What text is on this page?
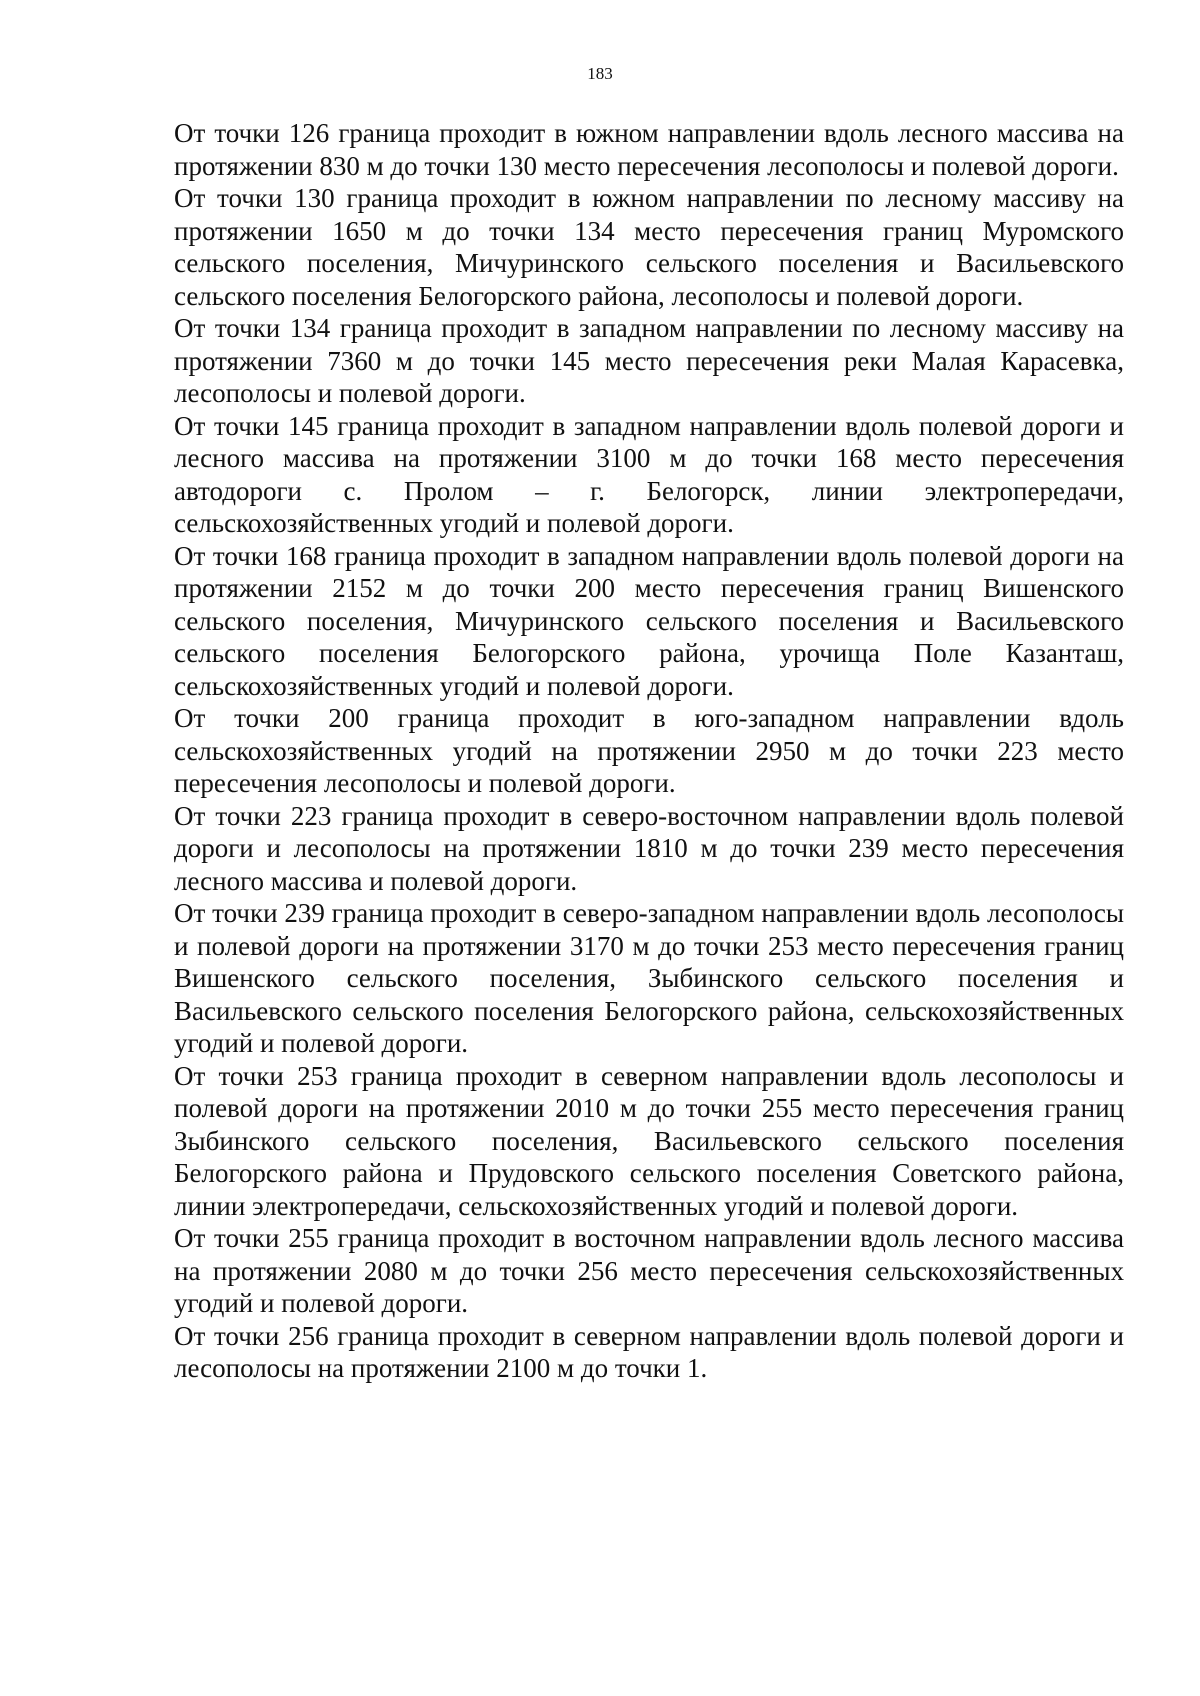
183

От точки 126 граница проходит в южном направлении вдоль лесного массива на протяжении 830 м до точки 130 место пересечения лесополосы и полевой дороги.

От точки 130 граница проходит в южном направлении по лесному массиву на протяжении 1650 м до точки 134 место пересечения границ Муромского сельского поселения, Мичуринского сельского поселения и Васильевского сельского поселения Белогорского района, лесополосы и полевой дороги.

От точки 134 граница проходит в западном направлении по лесному массиву на протяжении 7360 м до точки 145 место пересечения реки Малая Карасевка, лесополосы и полевой дороги.

От точки 145 граница проходит в западном направлении вдоль полевой дороги и лесного массива на протяжении 3100 м до точки 168 место пересечения автодороги с. Пролом – г. Белогорск, линии электропередачи, сельскохозяйственных угодий и полевой дороги.

От точки 168 граница проходит в западном направлении вдоль полевой дороги на протяжении 2152 м до точки 200 место пересечения границ Вишенского сельского поселения, Мичуринского сельского поселения и Васильевского сельского поселения Белогорского района, урочища Поле Казанташ, сельскохозяйственных угодий и полевой дороги.

От точки 200 граница проходит в юго-западном направлении вдоль сельскохозяйственных угодий на протяжении 2950 м до точки 223 место пересечения лесополосы и полевой дороги.

От точки 223 граница проходит в северо-восточном направлении вдоль полевой дороги и лесополосы на протяжении 1810 м до точки 239 место пересечения лесного массива и полевой дороги.

От точки 239 граница проходит в северо-западном направлении вдоль лесополосы и полевой дороги на протяжении 3170 м до точки 253 место пересечения границ Вишенского сельского поселения, Зыбинского сельского поселения и Васильевского сельского поселения Белогорского района, сельскохозяйственных угодий и полевой дороги.

От точки 253 граница проходит в северном направлении вдоль лесополосы и полевой дороги на протяжении 2010 м до точки 255 место пересечения границ Зыбинского сельского поселения, Васильевского сельского поселения Белогорского района и Прудовского сельского поселения Советского района, линии электропередачи, сельскохозяйственных угодий и полевой дороги.

От точки 255 граница проходит в восточном направлении вдоль лесного массива на протяжении 2080 м до точки 256 место пересечения сельскохозяйственных угодий и полевой дороги.

От точки 256 граница проходит в северном направлении вдоль полевой дороги и лесополосы на протяжении 2100 м до точки 1.
